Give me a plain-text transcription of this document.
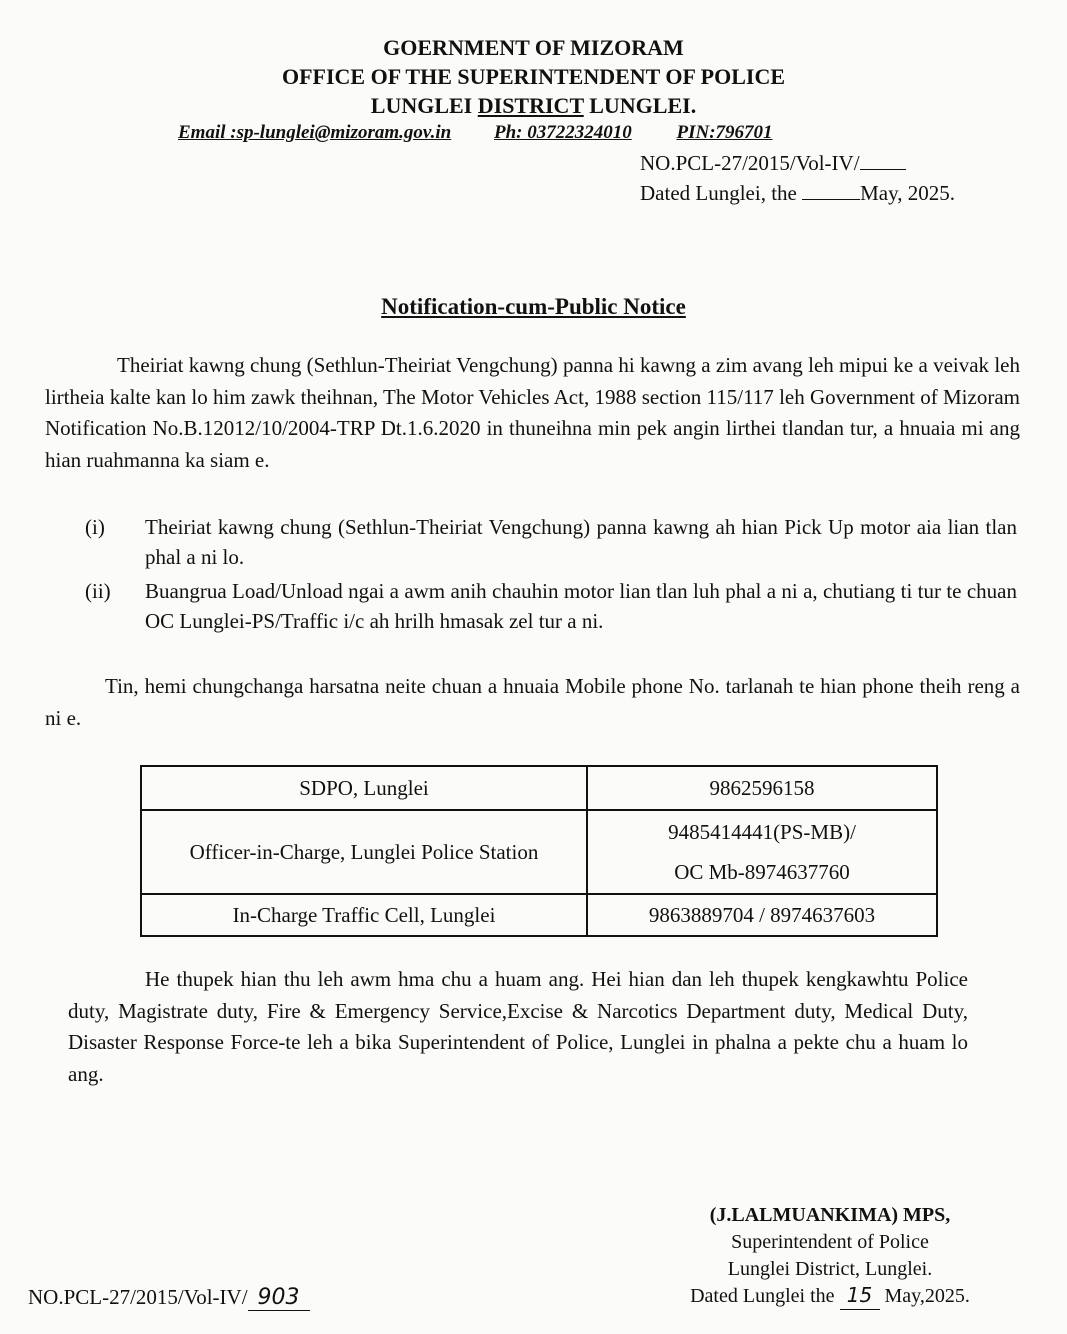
GOERNMENT OF MIZORAM
OFFICE OF THE SUPERINTENDENT OF POLICE
LUNGLEI DISTRICT LUNGLEI.
Email :sp-lunglei@mizoram.gov.in Ph: 03722324010 PIN:796701
NO.PCL-27/2015/Vol-IV/
Dated Lunglei, the	May, 2025.
Notification-cum-Public Notice
Theiriat kawng chung (Sethlun-Theiriat Vengchung) panna hi kawng a zim avang leh mipui ke a veivak leh lirtheia kalte kan lo him zawk theihnan, The Motor Vehicles Act, 1988 section 115/117 leh Government of Mizoram Notification No.B.12012/10/2004-TRP Dt.1.6.2020 in thuneihna min pek angin lirthei tlandan tur, a hnuaia mi ang hian ruahmanna ka siam e.
(i) Theiriat kawng chung (Sethlun-Theiriat Vengchung) panna kawng ah hian Pick Up motor aia lian tlan phal a ni lo.
(ii) Buangrua Load/Unload ngai a awm anih chauhin motor lian tlan luh phal a ni a, chutiang ti tur te chuan OC Lunglei-PS/Traffic i/c ah hrilh hmasak zel tur a ni.
Tin, hemi chungchanga harsatna neite chuan a hnuaia Mobile phone No. tarlanah te hian phone theih reng a ni e.
SDPO, Lunglei	9862596158
Officer-in-Charge, Lunglei Police Station	9485414441(PS-MB)/
OC Mb-8974637760

In-Charge Traffic Cell, Lunglei	9863889704 / 8974637603
He thupek hian thu leh awm hma chu a huam ang. Hei hian dan leh thupek kengkawhtu Police duty, Magistrate duty, Fire & Emergency Service,Excise & Narcotics Department duty, Medical Duty, Disaster Response Force-te leh a bika Superintendent of Police, Lunglei in phalna a pekte chu a huam lo ang.
(J.LALMUANKIMA) MPS,
Superintendent of Police
Lunglei District, Lunglei.
Dated Lunglei the 15 May,2025.
NO.PCL-27/2015/Vol-IV/ 903
